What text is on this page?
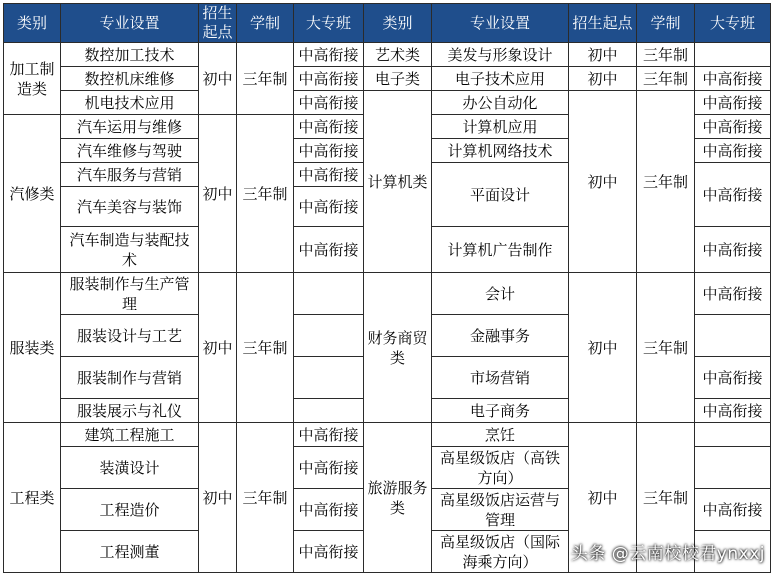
类别	专业设置	招生起点	学制	大专班	类别	专业设置	招生起点	学制	大专班
加工制造类	数控加工技术	初中	三年制	中高衔接	艺术类	美发与形象设计	初中	三年制	
	数控机床维修			中高衔接	电子类	电子技术应用	初中	三年制	中高衔接
	机电技术应用			中高衔接	计算机类	办公自动化	初中	三年制	中高衔接
汽修类	汽车运用与维修	初中	三年制	中高衔接		计算机应用			中高衔接
	汽车维修与驾驶			中高衔接		计算机网络技术			中高衔接
	汽车服务与营销			中高衔接		平面设计			中高衔接
	汽车美容与装饰			中高衔接					
	汽车制造与装配技术			中高衔接		计算机广告制作			中高衔接

服装类	服装制作与生产管理	初中	三年制		财务商贸类	会计	初中	三年制	中高衔接
	服装设计与工艺					金融事务			
	服装制作与营销					市场营销			中高衔接
	服装展示与礼仪					电子商务			中高衔接
工程类	建筑工程施工	初中	三年制	中高衔接	旅游服务类	烹饪	初中	三年制	
	装潢设计			中高衔接		高星级饭店（高铁方向）			
	工程造价			中高衔接		高星级饭店运营与管理			中高衔接
	工程测董			中高衔接		高星级饭店（国际海乘方向）			头条 @云南校校君ynxxj
